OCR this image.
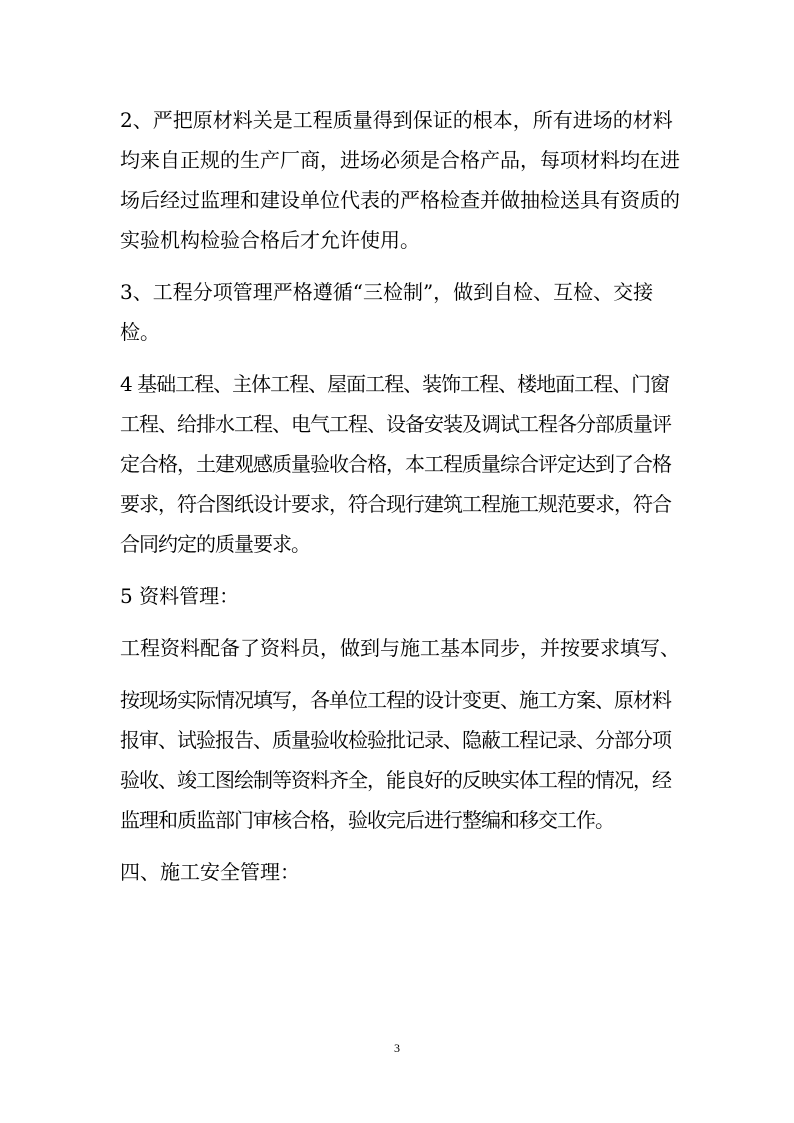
2、严把原材料关是工程质量得到保证的根本，所有进场的材料均来自正规的生产厂商，进场必须是合格产品，每项材料均在进场后经过监理和建设单位代表的严格检查并做抽检送具有资质的实验机构检验合格后才允许使用。

3、工程分项管理严格遵循“三检制”，做到自检、互检、交接检。

4 基础工程、主体工程、屋面工程、装饰工程、楼地面工程、门窗工程、给排水工程、电气工程、设备安装及调试工程各分部质量评定合格，土建观感质量验收合格，本工程质量综合评定达到了合格要求，符合图纸设计要求，符合现行建筑工程施工规范要求，符合合同约定的质量要求。

5 资料管理：

工程资料配备了资料员，做到与施工基本同步，并按要求填写、

按现场实际情况填写，各单位工程的设计变更、施工方案、原材料报审、试验报告、质量验收检验批记录、隐蔽工程记录、分部分项验收、竣工图绘制等资料齐全，能良好的反映实体工程的情况，经监理和质监部门审核合格，验收完后进行整编和移交工作。

四、施工安全管理：

3
